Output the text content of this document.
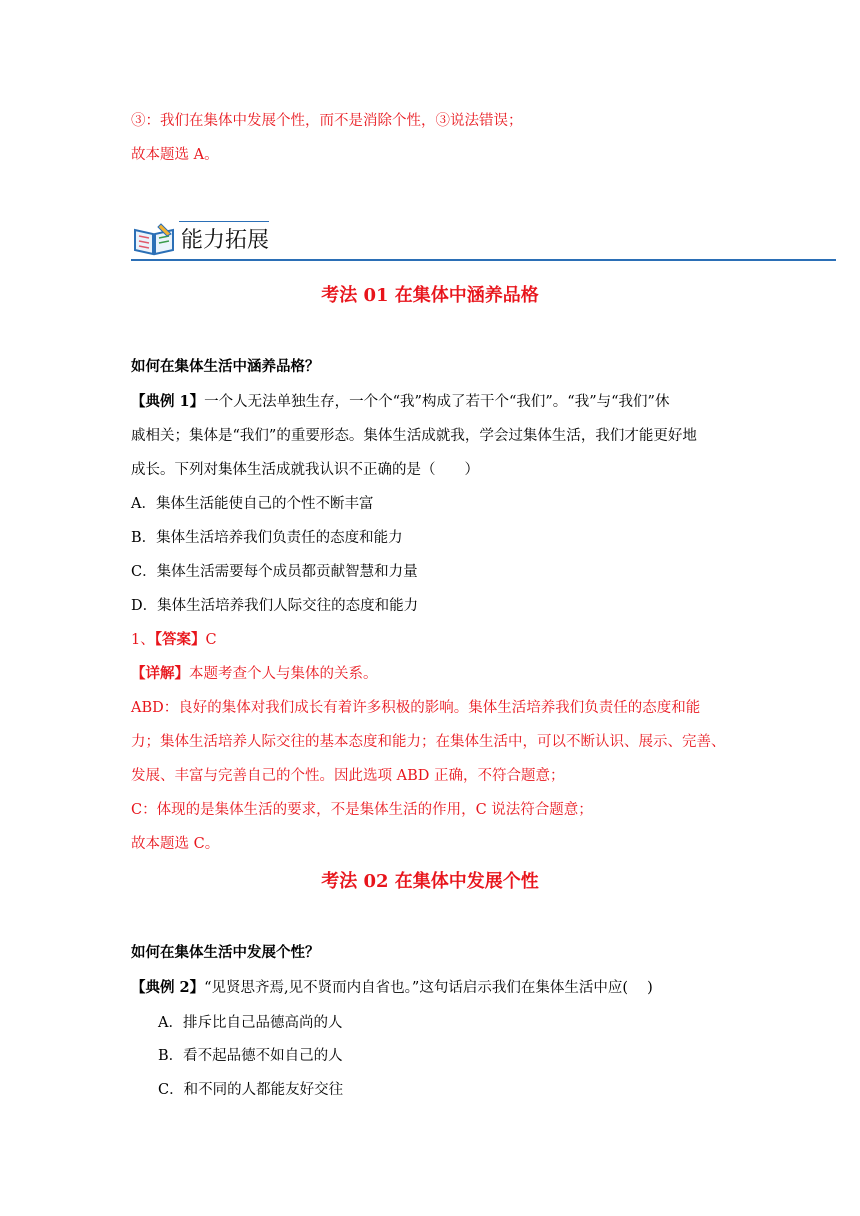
③：我们在集体中发展个性，而不是消除个性，③说法错误；
故本题选 A。
能力拓展
考法 01 在集体中涵养品格
如何在集体生活中涵养品格？
【典例 1】一个人无法单独生存，一个个“我”构成了若干个“我们”。“我”与“我们”休
戚相关；集体是“我们”的重要形态。集体生活成就我，学会过集体生活，我们才能更好地
成长。下列对集体生活成就我认识不正确的是（　　）
A．集体生活能使自己的个性不断丰富
B．集体生活培养我们负责任的态度和能力
C．集体生活需要每个成员都贡献智慧和力量
D．集体生活培养我们人际交往的态度和能力
1、【答案】C
【详解】本题考查个人与集体的关系。
ABD：良好的集体对我们成长有着许多积极的影响。集体生活培养我们负责任的态度和能
力；集体生活培养人际交往的基本态度和能力；在集体生活中，可以不断认识、展示、完善、
发展、丰富与完善自己的个性。因此选项 ABD 正确，不符合题意；
C：体现的是集体生活的要求，不是集体生活的作用，C 说法符合题意；
故本题选 C。
考法 02 在集体中发展个性
如何在集体生活中发展个性？
【典例 2】“见贤思齐焉,见不贤而内自省也。”这句话启示我们在集体生活中应(　 )
A．排斥比自己品德高尚的人
B．看不起品德不如自己的人
C．和不同的人都能友好交往
